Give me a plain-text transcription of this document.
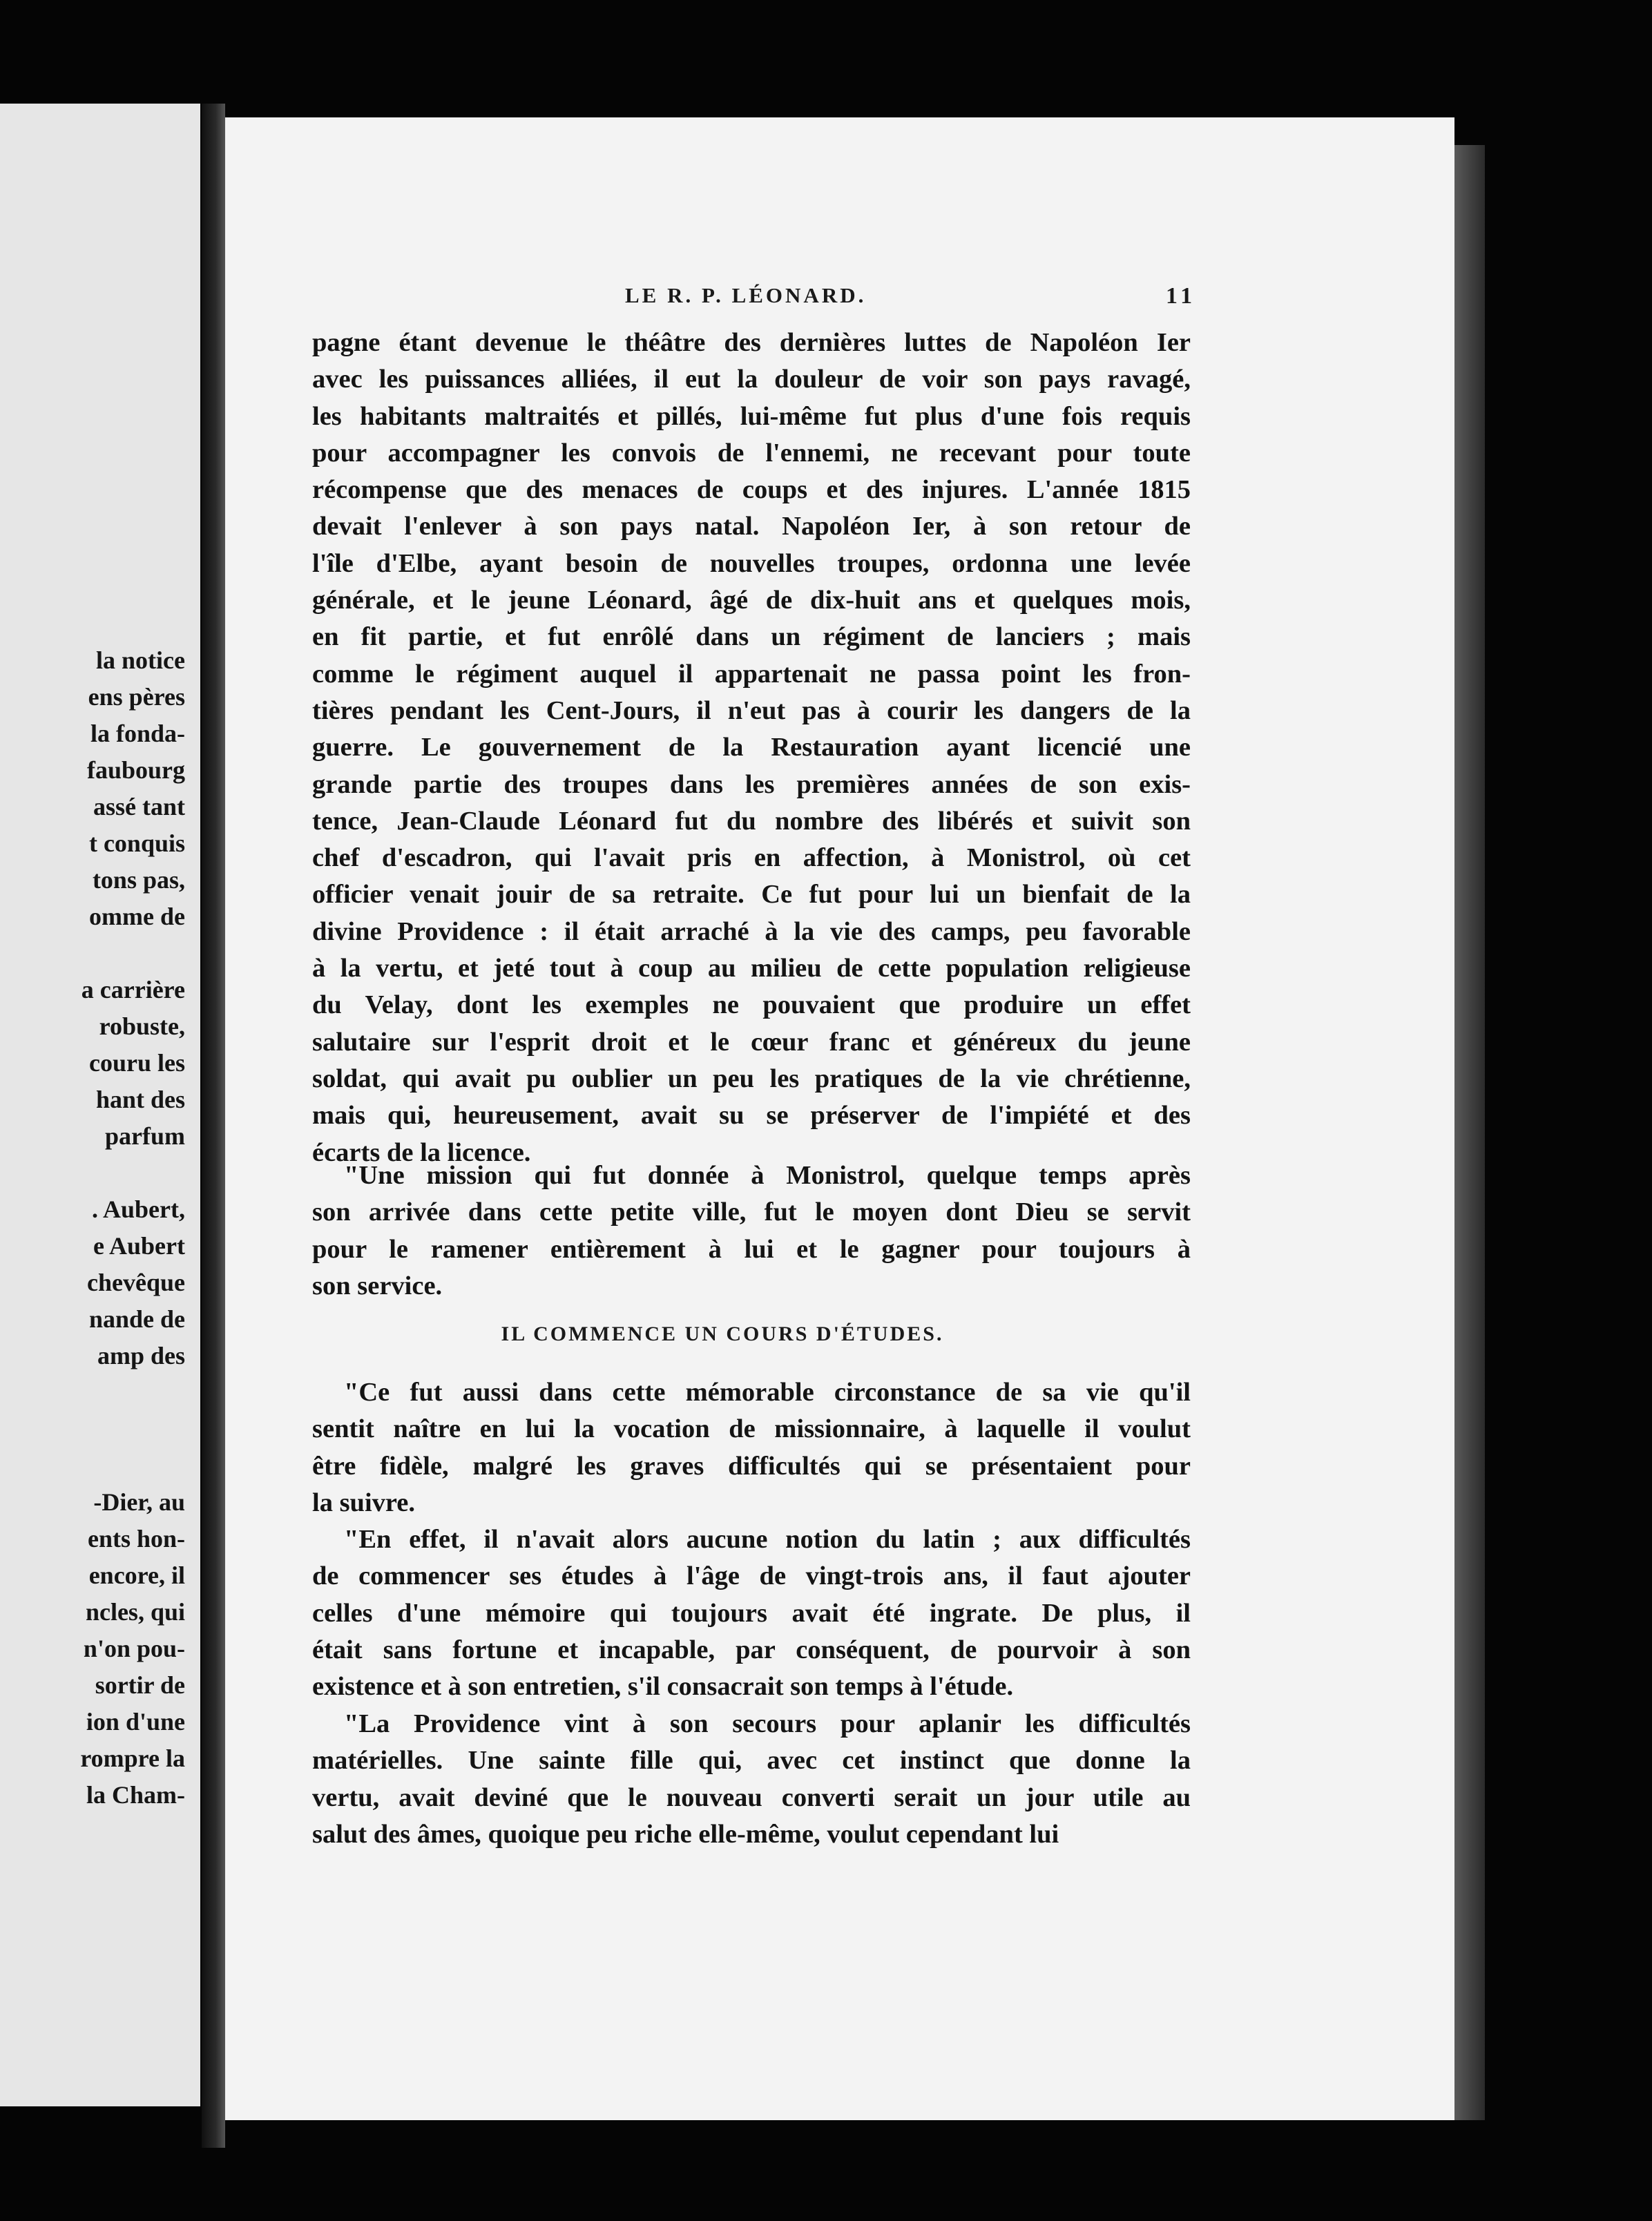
la notice
ens pères
la fonda-
faubourg
assé tant
t conquis
tons pas,
omme de
a carrière
robuste,
couru les
hant des
parfum
. Aubert,
e Aubert
chevêque
nande de
amp des
-Dier, au
ents hon-
encore, il
ncles, qui
n'on pou-
sortir de
ion d'une
rompre la
la Cham-
LE R. P. LÉONARD.	11
pagne étant devenue le théâtre des dernières luttes de Napoléon Ier
avec les puissances alliées, il eut la douleur de voir son pays ravagé,
les habitants maltraités et pillés, lui-même fut plus d'une fois requis
pour accompagner les convois de l'ennemi, ne recevant pour toute
récompense que des menaces de coups et des injures. L'année 1815
devait l'enlever à son pays natal. Napoléon Ier, à son retour de
l'île d'Elbe, ayant besoin de nouvelles troupes, ordonna une levée
générale, et le jeune Léonard, âgé de dix-huit ans et quelques mois,
en fit partie, et fut enrôlé dans un régiment de lanciers ; mais
comme le régiment auquel il appartenait ne passa point les fron-
tières pendant les Cent-Jours, il n'eut pas à courir les dangers de la
guerre. Le gouvernement de la Restauration ayant licencié une
grande partie des troupes dans les premières années de son exis-
tence, Jean-Claude Léonard fut du nombre des libérés et suivit son
chef d'escadron, qui l'avait pris en affection, à Monistrol, où cet
officier venait jouir de sa retraite. Ce fut pour lui un bienfait de la
divine Providence : il était arraché à la vie des camps, peu favorable
à la vertu, et jeté tout à coup au milieu de cette population religieuse
du Velay, dont les exemples ne pouvaient que produire un effet
salutaire sur l'esprit droit et le cœur franc et généreux du jeune
soldat, qui avait pu oublier un peu les pratiques de la vie chrétienne,
mais qui, heureusement, avait su se préserver de l'impiété et des
écarts de la licence.
"Une mission qui fut donnée à Monistrol, quelque temps après
son arrivée dans cette petite ville, fut le moyen dont Dieu se servit
pour le ramener entièrement à lui et le gagner pour toujours à
son service.
IL COMMENCE UN COURS D'ÉTUDES.
"Ce fut aussi dans cette mémorable circonstance de sa vie qu'il
sentit naître en lui la vocation de missionnaire, à laquelle il voulut
être fidèle, malgré les graves difficultés qui se présentaient pour
la suivre.
"En effet, il n'avait alors aucune notion du latin ; aux difficultés
de commencer ses études à l'âge de vingt-trois ans, il faut ajouter
celles d'une mémoire qui toujours avait été ingrate. De plus, il
était sans fortune et incapable, par conséquent, de pourvoir à son
existence et à son entretien, s'il consacrait son temps à l'étude.
"La Providence vint à son secours pour aplanir les difficultés
matérielles. Une sainte fille qui, avec cet instinct que donne la
vertu, avait deviné que le nouveau converti serait un jour utile au
salut des âmes, quoique peu riche elle-même, voulut cependant lui
